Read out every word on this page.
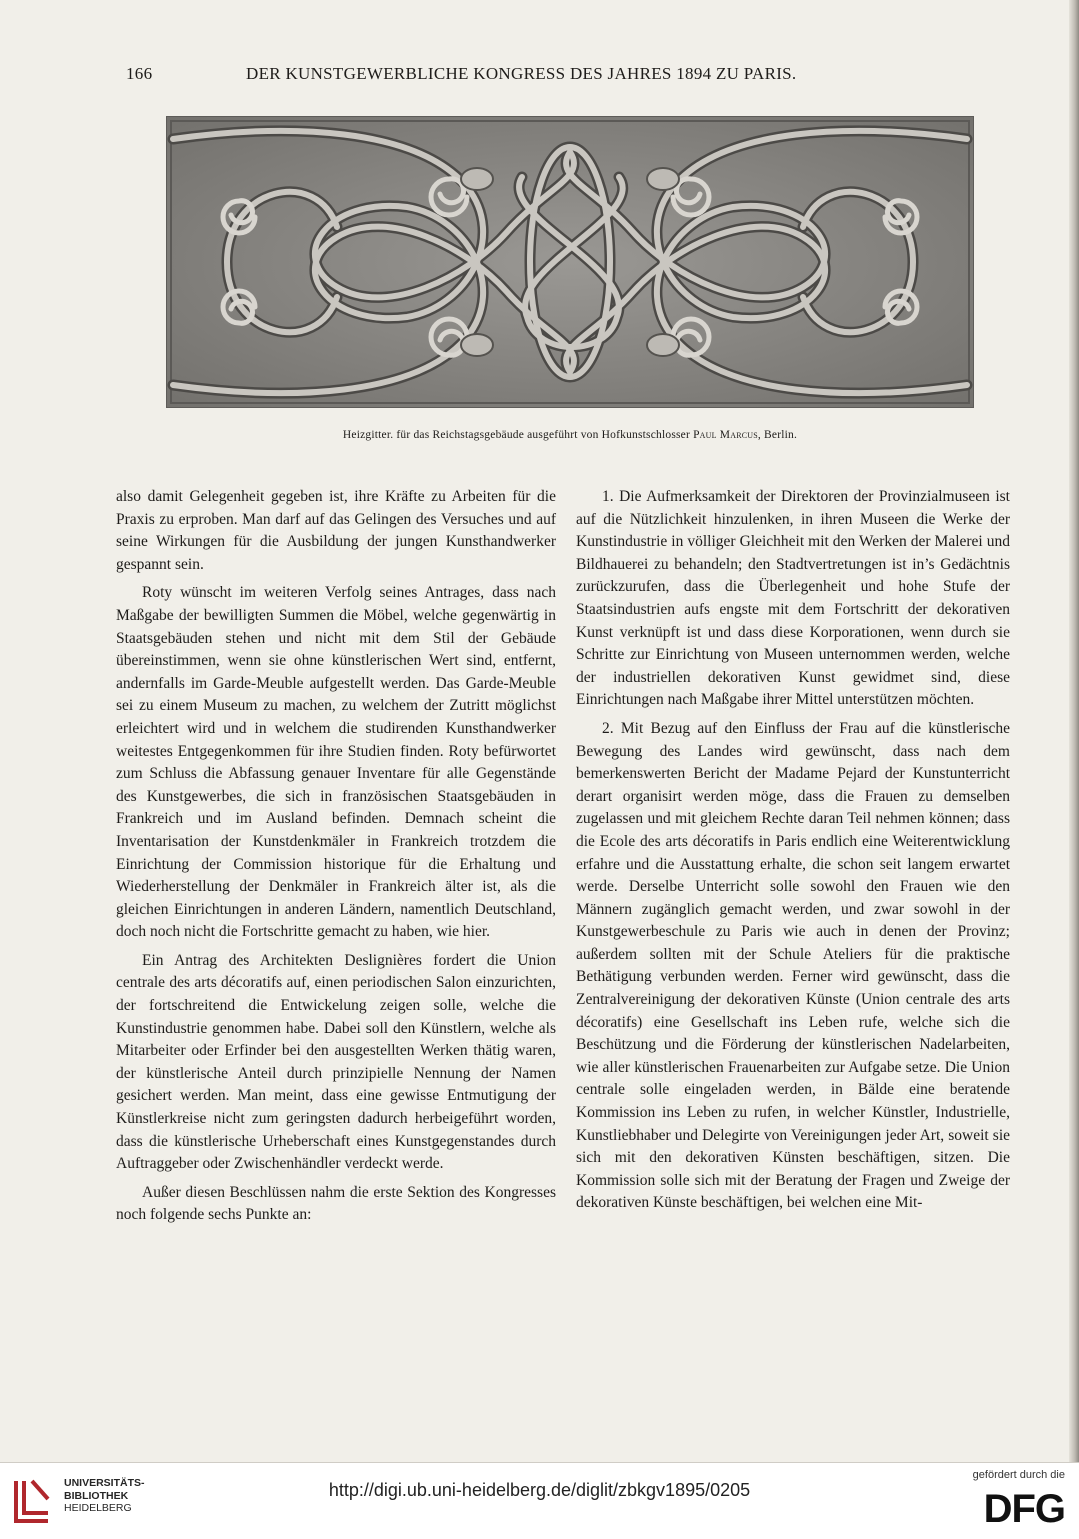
166	DER KUNSTGEWERBLICHE KONGRESS DES JAHRES 1894 ZU PARIS.
Heizgitter. für das Reichstagsgebäude ausgeführt von Hofkunstschlosser Paul Marcus, Berlin.

also damit Gelegenheit gegeben ist, ihre Kräfte zu Arbeiten für die Praxis zu erproben. Man darf auf das Gelingen des Versuches und auf seine Wirkungen für die Ausbildung der jungen Kunsthandwerker gespannt sein.

Roty wünscht im weiteren Verfolg seines Antrages, dass nach Maßgabe der bewilligten Summen die Möbel, welche gegenwärtig in Staatsgebäuden stehen und nicht mit dem Stil der Gebäude übereinstimmen, wenn sie ohne künstlerischen Wert sind, entfernt, andernfalls im Garde-Meuble aufgestellt werden. Das Garde-Meuble sei zu einem Museum zu machen, zu welchem der Zutritt möglichst erleichtert wird und in welchem die studirenden Kunsthandwerker weitestes Entgegenkommen für ihre Studien finden. Roty befürwortet zum Schluss die Abfassung genauer Inventare für alle Gegenstände des Kunstgewerbes, die sich in französischen Staatsgebäuden in Frankreich und im Ausland befinden. Demnach scheint die Inventarisation der Kunstdenkmäler in Frankreich trotzdem die Einrichtung der Commission historique für die Erhaltung und Wiederherstellung der Denkmäler in Frankreich älter ist, als die gleichen Einrichtungen in anderen Ländern, namentlich Deutschland, doch noch nicht die Fortschritte gemacht zu haben, wie hier.

Ein Antrag des Architekten Deslignières fordert die Union centrale des arts décoratifs auf, einen periodischen Salon einzurichten, der fortschreitend die Entwickelung zeigen solle, welche die Kunstindustrie genommen habe. Dabei soll den Künstlern, welche als Mitarbeiter oder Erfinder bei den ausgestellten Werken thätig waren, der künstlerische Anteil durch prinzipielle Nennung der Namen gesichert werden. Man meint, dass eine gewisse Entmutigung der Künstlerkreise nicht zum geringsten dadurch herbeigeführt worden, dass die künstlerische Urheberschaft eines Kunstgegenstandes durch Auftraggeber oder Zwischenhändler verdeckt werde.

Außer diesen Beschlüssen nahm die erste Sektion des Kongresses noch folgende sechs Punkte an:

1. Die Aufmerksamkeit der Direktoren der Provinzialmuseen ist auf die Nützlichkeit hinzulenken, in ihren Museen die Werke der Kunstindustrie in völliger Gleichheit mit den Werken der Malerei und Bildhauerei zu behandeln; den Stadtvertretungen ist in’s Gedächtnis zurückzurufen, dass die Überlegenheit und hohe Stufe der Staatsindustrien aufs engste mit dem Fortschritt der dekorativen Kunst verknüpft ist und dass diese Korporationen, wenn durch sie Schritte zur Einrichtung von Museen unternommen werden, welche der industriellen dekorativen Kunst gewidmet sind, diese Einrichtungen nach Maßgabe ihrer Mittel unterstützen möchten.

2. Mit Bezug auf den Einfluss der Frau auf die künstlerische Bewegung des Landes wird gewünscht, dass nach dem bemerkenswerten Bericht der Madame Pejard der Kunstunterricht derart organisirt werden möge, dass die Frauen zu demselben zugelassen und mit gleichem Rechte daran Teil nehmen können; dass die Ecole des arts décoratifs in Paris endlich eine Weiterentwicklung erfahre und die Ausstattung erhalte, die schon seit langem erwartet werde. Derselbe Unterricht solle sowohl den Frauen wie den Männern zugänglich gemacht werden, und zwar sowohl in der Kunstgewerbeschule zu Paris wie auch in denen der Provinz; außerdem sollten mit der Schule Ateliers für die praktische Bethätigung verbunden werden. Ferner wird gewünscht, dass die Zentralvereinigung der dekorativen Künste (Union centrale des arts décoratifs) eine Gesellschaft ins Leben rufe, welche sich die Beschützung und die Förderung der künstlerischen Nadelarbeiten, wie aller künstlerischen Frauenarbeiten zur Aufgabe setze. Die Union centrale solle eingeladen werden, in Bälde eine beratende Kommission ins Leben zu rufen, in welcher Künstler, Industrielle, Kunstliebhaber und Delegirte von Vereinigungen jeder Art, soweit sie sich mit den dekorativen Künsten beschäftigen, sitzen. Die Kommission solle sich mit der Beratung der Fragen und Zweige der dekorativen Künste beschäftigen, bei welchen eine Mit-

UNIVERSITÄTS-
BIBLIOTHEK
HEIDELBERG
http://digi.ub.uni-heidelberg.de/diglit/zbkgv1895/0205
gefördert durch die
DFG
